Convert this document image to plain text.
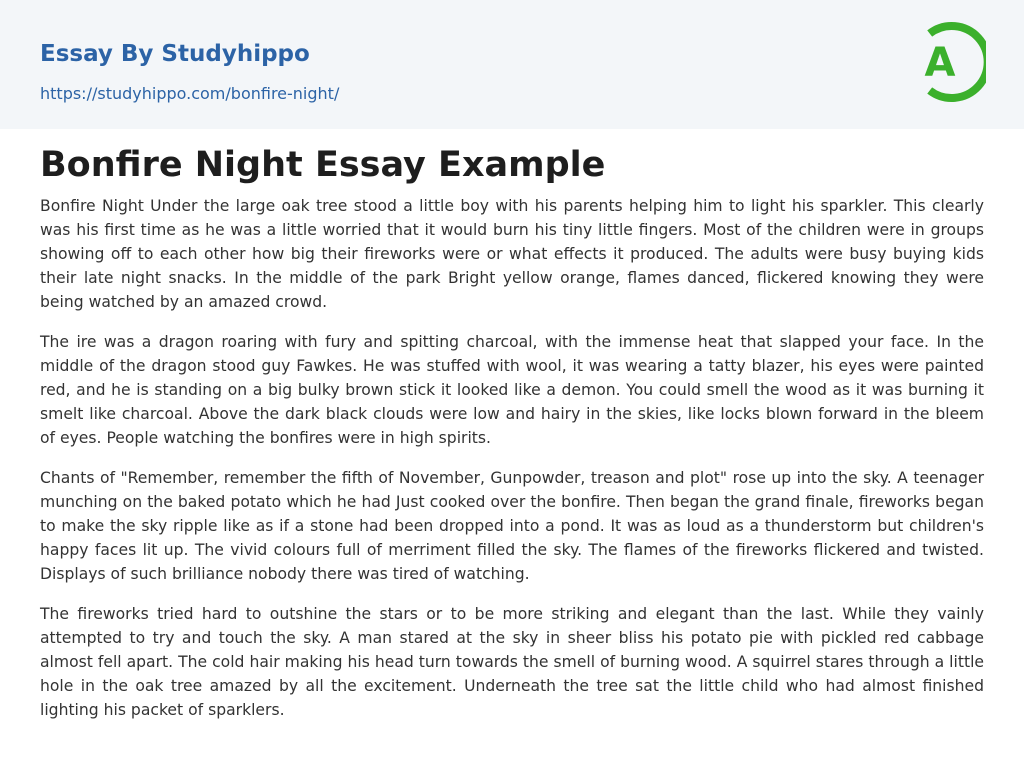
Essay By Studyhippo
https://studyhippo.com/bonfire-night/
A
Bonfire Night Essay Example

Bonfire Night Under the large oak tree stood a little boy with his parents helping him to light his sparkler. This clearly was his first time as he was a little worried that it would burn his tiny little fingers. Most of the children were in groups showing off to each other how big their fireworks were or what effects it produced. The adults were busy buying kids their late night snacks. In the middle of the park Bright yellow orange, flames danced, flickered knowing they were being watched by an amazed crowd.

The ire was a dragon roaring with fury and spitting charcoal, with the immense heat that slapped your face. In the middle of the dragon stood guy Fawkes. He was stuffed with wool, it was wearing a tatty blazer, his eyes were painted red, and he is standing on a big bulky brown stick it looked like a demon. You could smell the wood as it was burning it smelt like charcoal. Above the dark black clouds were low and hairy in the skies, like locks blown forward in the bleem of eyes. People watching the bonfires were in high spirits.

Chants of "Remember, remember the fifth of November, Gunpowder, treason and plot" rose up into the sky. A teenager munching on the baked potato which he had Just cooked over the bonfire. Then began the grand finale, fireworks began to make the sky ripple like as if a stone had been dropped into a pond. It was as loud as a thunderstorm but children's happy faces lit up. The vivid colours full of merriment filled the sky. The flames of the fireworks flickered and twisted. Displays of such brilliance nobody there was tired of watching.

The fireworks tried hard to outshine the stars or to be more striking and elegant than the last. While they vainly attempted to try and touch the sky. A man stared at the sky in sheer bliss his potato pie with pickled red cabbage almost fell apart. The cold hair making his head turn towards the smell of burning wood. A squirrel stares through a little hole in the oak tree amazed by all the excitement. Underneath the tree sat the little child who had almost finished lighting his packet of sparklers.
